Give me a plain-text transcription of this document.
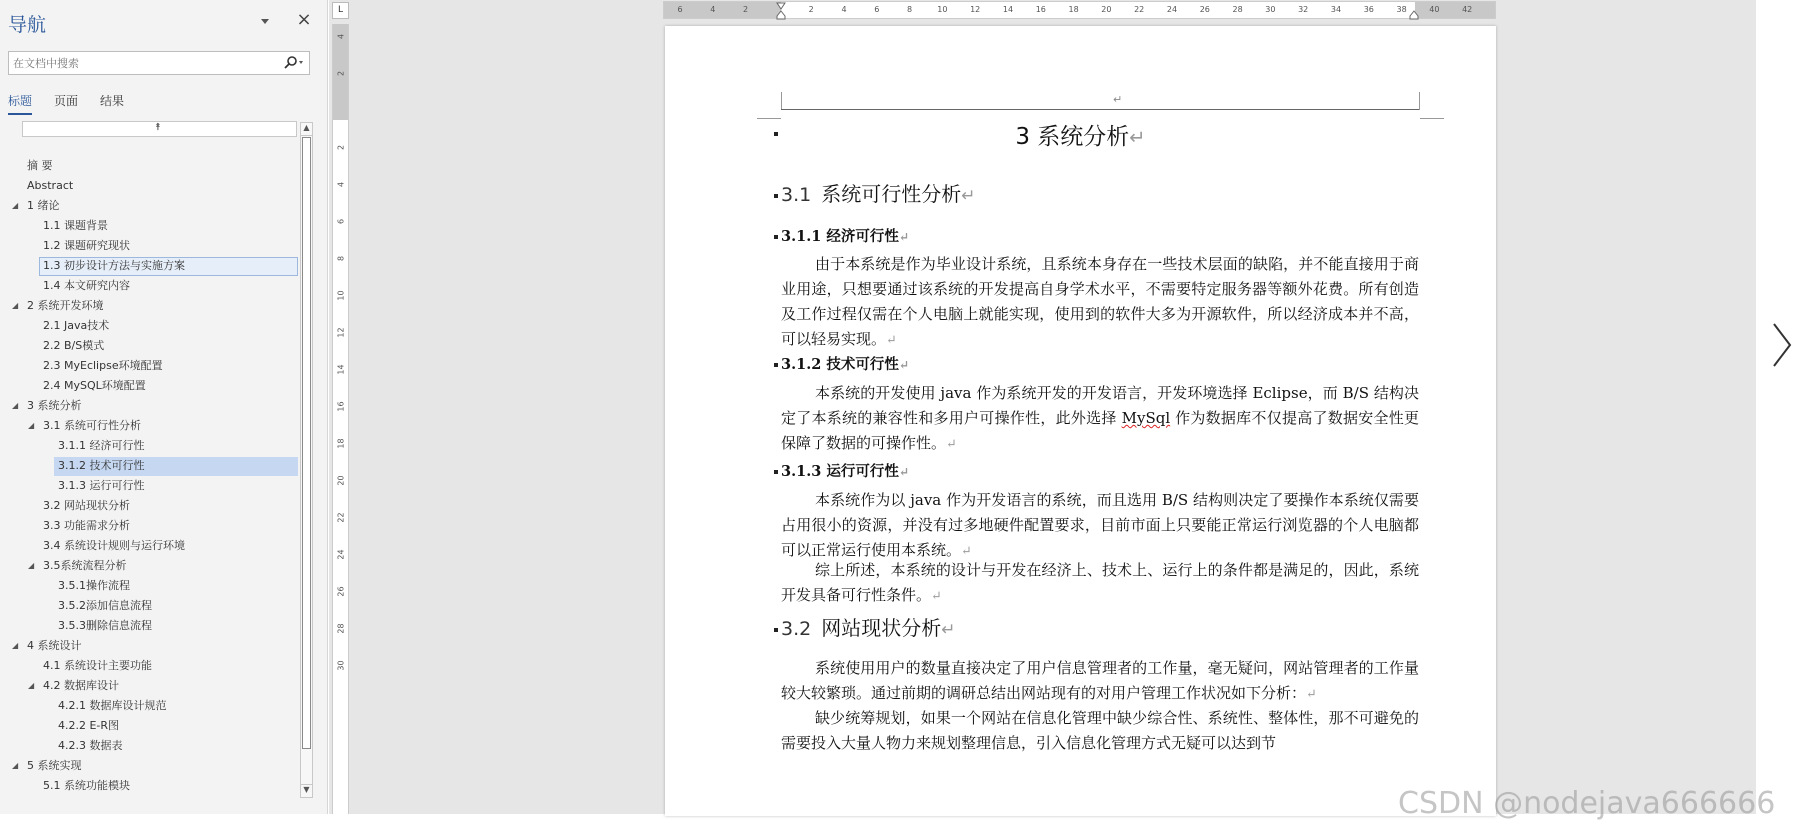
导航	×
在文档中搜索
标题 页面 结果
⯭
摘 要
Abstract
◢ 1 绪论
1.1 课题背景
1.2 课题研究现状
1.3 初步设计方法与实施方案
1.4 本文研究内容
◢ 2 系统开发环境
2.1 Java技术
2.2 B/S模式
2.3 MyEclipse环境配置
2.4 MySQL环境配置
◢ 3 系统分析
◢ 3.1 系统可行性分析
3.1.1 经济可行性
3.1.2 技术可行性
3.1.3 运行可行性
3.2 网站现状分析
3.3 功能需求分析
3.4 系统设计规则与运行环境
◢ 3.5系统流程分析
3.5.1操作流程
3.5.2添加信息流程
3.5.3删除信息流程
◢ 4 系统设计
4.1 系统设计主要功能
◢ 4.2 数据库设计
4.2.1 数据库设计规范
4.2.2 E-R图
4.2.3 数据表
◢ 5 系统实现
5.1 系统功能模块
▲
▼
L
4
2
2
4
6
8
10
12
14
16
18
20
22
24
26
28
30
6	4	2	2	4	6	8	10	12	14	16	18	20	22	24	26	28	30	32	34	36	38	40	42
↵
3 系统分析↵
3.1 系统可行性分析↵
3.1.1 经济可行性↵
由于本系统是作为毕业设计系统，且系统本身存在一些技术层面的缺陷，并不能直接用于商业用途，只想要通过该系统的开发提高自身学术水平，不需要特定服务器等额外花费。所有创造及工作过程仅需在个人电脑上就能实现，使用到的软件大多为开源软件，所以经济成本并不高，可以轻易实现。↵
3.1.2 技术可行性↵
本系统的开发使用 java 作为系统开发的开发语言，开发环境选择 Eclipse，而 B/S 结构决定了本系统的兼容性和多用户可操作性，此外选择 MySql 作为数据库不仅提高了数据安全性更保障了数据的可操作性。↵
3.1.3 运行可行性↵
本系统作为以 java 作为开发语言的系统，而且选用 B/S 结构则决定了要操作本系统仅需要占用很小的资源，并没有过多地硬件配置要求，目前市面上只要能正常运行浏览器的个人电脑都可以正常运行使用本系统。↵
综上所述，本系统的设计与开发在经济上、技术上、运行上的条件都是满足的，因此，系统开发具备可行性条件。↵
3.2 网站现状分析↵
系统使用用户的数量直接决定了用户信息管理者的工作量，毫无疑问，网站管理者的工作量较大较繁琐。通过前期的调研总结出网站现有的对用户管理工作状况如下分析：↵
缺少统筹规划，如果一个网站在信息化管理中缺少综合性、系统性、整体性，那不可避免的需要投入大量人物力来规划整理信息，引入信息化管理方式无疑可以达到节
CSDN @nodejava666666
